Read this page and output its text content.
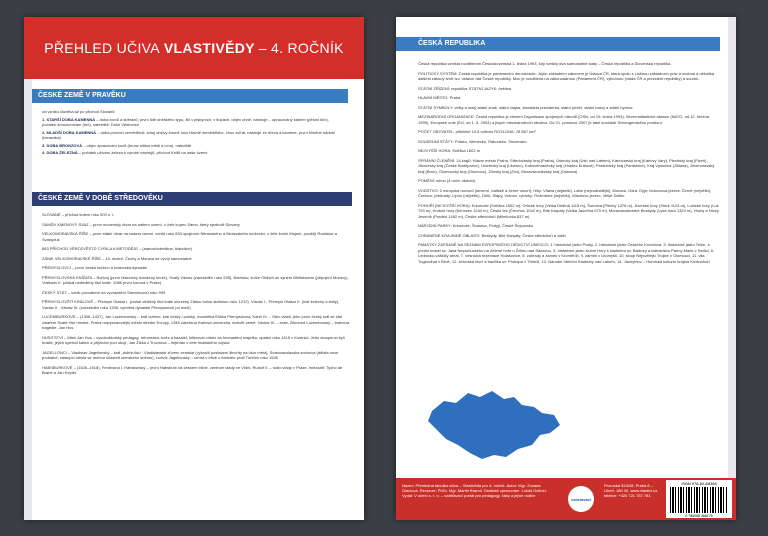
PŘEHLED UČIVA VLASTIVĚDY – 4. ROČNÍK
ČESKÉ ZEMĚ V PRAVĚKU
od vzniku člověka až po příchod Slovanů
1. STARŠÍ DOBA KAMENNÁ – doba lovců a sběračů; první lidé dneškého typu, žili v jeskyních, v tlupách, objev ohně, nástroje – opracovaný kámen (pěstní klín), počátek dorozumívání (řeč), naleziště: Dolní Věstonice
2. MLADŠÍ DOBA KAMENNÁ – doba prvních zemědělců; zdroj obživy kromě lovu hlavně zemědělství, chov zvířat, nástroje ze dřeva a kamene, první hliněné nádobí (keramika)
3. DOBA BRONZOVÁ – objev zpracování kovů (bronz slitina mědi a cínu), naleziště
4. DOBA ŽELEZNÁ – počátek užívání železa k výrobě nástrojů, příchod Keltů na naše území
ČESKÉ ZEMĚ V DOBĚ STŘEDOVĚKU
SLOVANÉ – příchod kolem roku 500 n. l.
SÁMŮV KMENOVÝ SVAZ – první mocenský útvar na našem území, v čele kupec Sámo, který sjednotil Slovany
VELKOMORAVSKÁ ŘÍŠE – první státní útvar na našem území, vznikl roku 833 spojením Nitranského a Moravského knížectví, v čele kníže Mojmír, později Rostislav a Svatopluk
863 PŘÍCHOD VĚROZVĚSTŮ CYRILA A METODĚJE – (staroslověnština, hlaholice)
ZÁNIK VELKOMORAVSKÉ ŘÍŠE – 10. století, Čechy a Morava se vyvíjí samostatně
PŘEMYSLOVCI – první česká knížecí a královská dynastie
PŘEMYSLOVSKÁ KNÍŽATA – Bořivoj (první historicky doložený kníže), Svatý Václav (zavražděn roku 935), Boleslav, kníže Oldřich se synem Břetislavem (připojení Moravy), Vratislav II. (získal nedědičný titul krále, 1086 první koruna v Praze)
ČESKÝ STÁT – vznik povzabem od vyvraždění Slavníkovců roku 995
PŘEMYSLOVŠTÍ KRÁLOVÉ – Přemysl Otakar I. (získal dědičný titul krále stvrzený Zlatou bulou sicilskou roku 1212), Václav I., Přemysl Otakar II. (král železný a zlatý), Václav II., Václav III. (zavražděn roku 1306, vymřela dynastie Přemyslovců po meči)
LUCEMBURKOVÉ – (1306–1437), Jan Lucemburský – král cizinec, král český i polský, manželka Eliška Přemyslovna, Karel IV. – Otec vlasti, jeho první český král se stal císařem Svaté říše římské, Praha nejvýznamnější město střední Evropy, 1348 založena Karlova univerzita, nizkvět země, Václav IV. – bratr, Zikmund Lucemburský – bratrova tragédie, Jan Hus
HUSITSTVÍ – Mistr Jan Hus – vysokoškolský pedagog, reformátor, kněz a kazatel, kritizoval církev za hromadění majetku, upálen roku 1415 v Kostnici. Jeho stoupenci byli husité, jejich symbol kalich a přijímání pod obojí, Jan Žižka z Trocnova – hejtman v čele husitského vojska
JAGELLONCI – Vladislav Jagellonský – král „dobře-lidu“, Vladislavské zřízení zemské (vyloučil postavení šlechty na úkor měst), Svatovácslavská smlouva (dělala nové poddané, zástupci měsla se mohou účastnit zemského sněmu), Ludvík Jagellonský – umírá v bitvě u Moháče proti Turkům roku 1526
HABSBURKOVÉ – (1526–1918), Ferdinand I. Habsburský – první Habsburk na českém trůně, centrum vlády ve Vídni, Rudolf II. – sídlo vlády v Praze, hvězdáři: Tycho de Brahe a Jan Kepler
ČESKÁ REPUBLIKA
Česká republika vznikla rozdělením Československa 1. ledna 1993, kdy vznikly dva samostatné státy – Česká republika a Slovenská republika.
POLITICKÝ SYSTÉM: Česká republika je parlamentní demokracie. Jejím základním zákonem je Ústava ČR, která spolu s Listinou základních práv a svobod a několika dalšími zákony tvoří tzv. ústavní řád České republiky. Moc je rozdělena na zákonodárnou (Parlament ČR), výkonnou (vláda ČR a prezident republiky) a soudní.
STÁTNÍ ZŘÍZENÍ: republika STÁTNÍ JAZYK: čeština
HLAVNÍ MĚSTO: Praha
STÁTNÍ SYMBOLY: velký a malý státní znak, státní vlajka, standarta prezidenta, státní pečeť, státní barvy a státní hymna
MEZINÁRODNÍ ORGANIZACE: Česká republika je členem Organizace spojených národů (OSN, od 19. ledna 1993), Severoatlantické aliance (NATO, od 12. března 1999), Evropské unie (EU, od 1. 5. 2004) a jiných mezinárodních struktur. Od 21. prosince 2007 je také součástí Schengenského prostoru.
POČET OBYVATEL: přibližně 10,5 milionu ROZLOHA: 78 867 km²
SOUSEDNÍ STÁTY: Polsko, Německo, Rakousko, Slovensko
NEJVYŠŠÍ HORA: Sněžka 1602 m
SPRÁVNÍ ČLENĚNÍ: 14 krajů: Hlavní město Praha, Středočeský kraj (Praha), Ústecký kraj (Ústí nad Labem), Karlovarský kraj (Karlovy Vary), Plzeňský kraj (Plzeň), Jihočeský kraj (České Budějovice), Liberecký kraj (Liberec), Královéhradecký kraj (Hradec Králové), Pardubický kraj (Pardubice), Kraj Vysočina (Jihlava), Jihomoravský kraj (Brno), Olomoucký kraj (Olomouc), Zlínský kraj (Zlín), Moravskoslezský kraj (Ostrava)
POMĚNÍ: mimo (4 roční období)
VODSTVO: 2 evropská rozvodí (severní, baltské a černé úmoří); řeky: Vltava (nejdelší), Labe (nejvodnatější), Morava, Odra, Dyje; ledovcová jezera: Černé (největší), Čertovo; přehrady: Lipno (největší), Orlík, Slapy, Vranov; rybníky: Rožmberk (největší), Máchovo jezero, Velké Dářko
POHOŘÍ (NEJVYŠŠÍ HORA): Krkonoše (Sněžka 1602 m), Orlické hory (Velká Deštná 1115 m), Šumava (Plechý 1378 m), Jizerské hory (Smrk 1124 m), Lužické hory (Luž 793 m), Krušné hory (Klínovec 1244 m), České les (Čerchov 1042 m), Bílé Karpaty (Velká Javořina 970 m), Moravskoslezské Beskydy (Lysá hora 1323 m), Hrubý a Nízký Jeseník (Praděd 1492 m), České středohoří (Milešovka 837 m)
NÁRODNÍ PARKY: Krkonoše, Šumava, Podyjí, České Švýcarsko
CHRÁNĚNÉ KRAJINNÉ OBLASTI: Beskydy, Bílé Karpaty, České středohoří a další
PAMÁTKY ZAPSANÉ NA SEZNAM EVROPSKÉHO DĚDICTVÍ UNESCO: 1. historické jádro Prahy, 2. historické jádro Českého Krumlova, 3. historické jádro Telče, 4. poutní kostel sv. Jana Nepomuckého na Zelené hoře u Žďáru nad Sázavou, 5. historické jádro Kutné Hory s kostelem sv. Barbory a katedrálou Panny Marie v Sedlci, 6. Lednicko-valtický areál, 7. vesnická rezervace Holašovice, 8. zahrady a zámek v Kroměříži, 9. zámek v Litomyšli, 10. sloup Nejsvětější Trojice v Olomouci, 11. vila Tugendhat v Brně, 12. židovská čtvrť a bazilika sv. Prokopa v Třebíči, 13. Národní hřebčín Kladruby nad Labem, 14. Jáchymov – Hornická kulturní krajina Krušnohoří
Název: Přehledná tabulka učiva – Vlastivěda pro 4. ročník. Autor: Mgr. Zuzana Glaciová. Recenze: PhDr. Mgr. Martin Brandl. Grafické zpracování: Lukáš Dellner. Vydal: V učení s. r. o. – vzdělávací portál pro pedagogy, žáky a jejich rodiče
vzdelavaci
Proruská 524/28, Praha 8 – Libeň, 180 00, www.vlastivi.cz, telefon: +420 721 757 781
ISBN 978-80-88368
9 788088 368175
